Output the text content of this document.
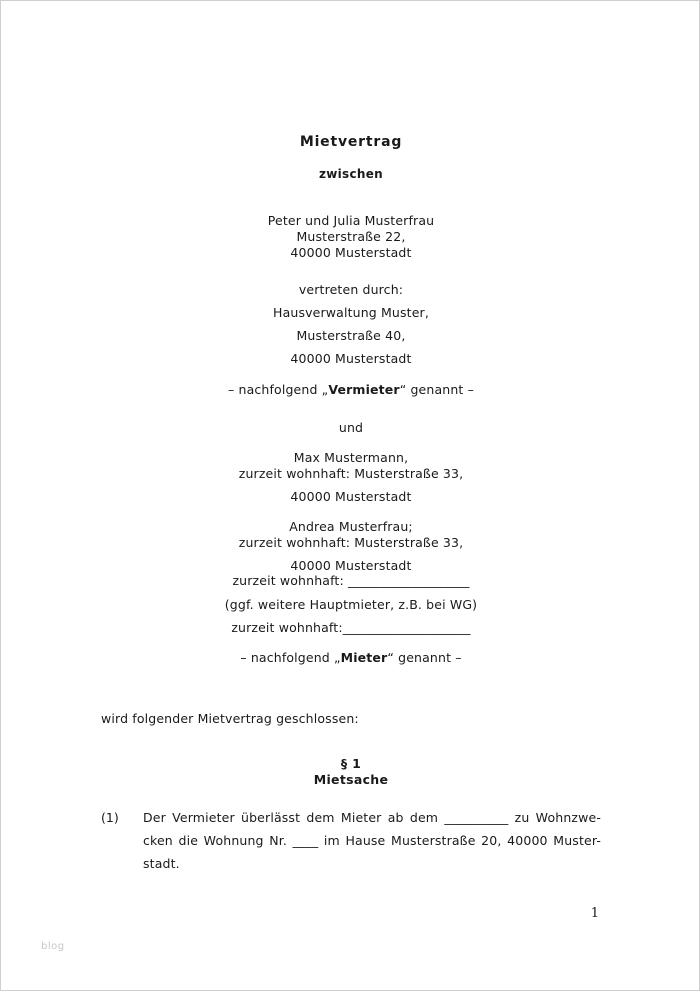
Mietvertrag
zwischen
Peter und Julia Musterfrau
Musterstraße 22,
40000 Musterstadt
vertreten durch:
Hausverwaltung Muster,
Musterstraße 40,
40000 Musterstadt
– nachfolgend „Vermieter“ genannt –
und
Max Mustermann,
zurzeit wohnhaft: Musterstraße 33,
40000 Musterstadt
Andrea Musterfrau;
zurzeit wohnhaft: Musterstraße 33,
40000 Musterstadt
zurzeit wohnhaft: ___________________
(ggf. weitere Hauptmieter, z.B. bei WG)
zurzeit wohnhaft:____________________
– nachfolgend „Mieter“ genannt –
wird folgender Mietvertrag geschlossen:
§ 1
Mietsache
(1) Der Vermieter überlässt dem Mieter ab dem __________ zu Wohnzwe-
cken die Wohnung Nr. ____ im Hause Musterstraße 20, 40000 Muster-
stadt.
1
blog
